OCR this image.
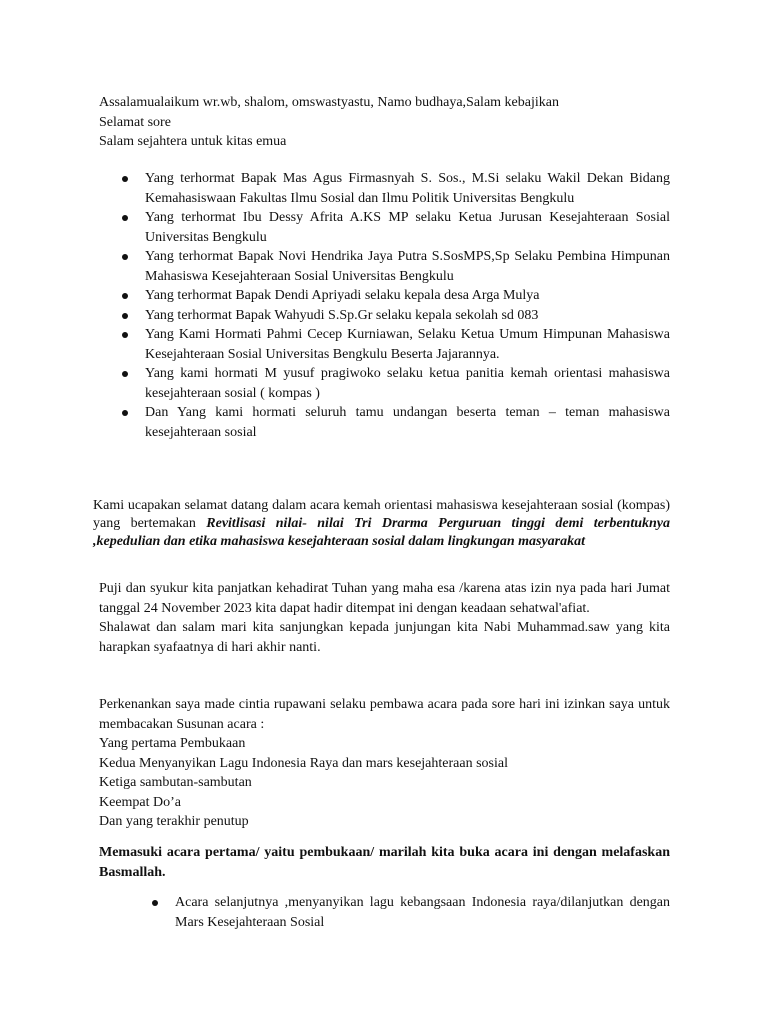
Assalamualaikum wr.wb, shalom, omswastyastu, Namo budhaya,Salam kebajikan
Selamat sore
Salam sejahtera untuk kitas emua
Yang terhormat Bapak Mas Agus Firmasnyah S. Sos., M.Si selaku Wakil Dekan Bidang Kemahasiswaan Fakultas Ilmu Sosial dan Ilmu Politik Universitas Bengkulu
Yang terhormat Ibu Dessy Afrita A.KS MP selaku Ketua Jurusan Kesejahteraan Sosial Universitas Bengkulu
Yang terhormat Bapak Novi Hendrika Jaya Putra S.SosMPS,Sp Selaku Pembina Himpunan Mahasiswa Kesejahteraan Sosial Universitas Bengkulu
Yang terhormat Bapak Dendi Apriyadi selaku kepala desa Arga Mulya
Yang terhormat Bapak Wahyudi S.Sp.Gr selaku kepala sekolah sd 083
Yang Kami Hormati Pahmi Cecep Kurniawan, Selaku Ketua Umum Himpunan Mahasiswa Kesejahteraan Sosial Universitas Bengkulu Beserta Jajarannya.
Yang kami hormati M yusuf pragiwoko selaku ketua panitia kemah orientasi mahasiswa kesejahteraan sosial ( kompas )
Dan Yang kami hormati seluruh tamu undangan beserta teman – teman mahasiswa kesejahteraan sosial
Kami ucapakan selamat datang dalam acara kemah orientasi mahasiswa kesejahteraan sosial (kompas) yang bertemakan Revitlisasi nilai- nilai Tri Drarma Perguruan tinggi demi terbentuknya ,kepedulian dan etika mahasiswa kesejahteraan sosial dalam lingkungan masyarakat
Puji dan syukur kita panjatkan kehadirat Tuhan yang maha esa /karena atas izin nya pada hari Jumat tanggal 24 November 2023 kita dapat hadir ditempat ini dengan keadaan sehatwal'afiat.
Shalawat dan salam mari kita sanjungkan kepada junjungan kita Nabi Muhammad.saw yang kita harapkan syafaatnya di hari akhir nanti.
Perkenankan saya made cintia rupawani selaku pembawa acara pada sore hari ini izinkan saya untuk membacakan Susunan acara :
Yang pertama Pembukaan
Kedua Menyanyikan Lagu Indonesia Raya dan mars kesejahteraan sosial
Ketiga sambutan-sambutan
Keempat Do’a
Dan yang terakhir penutup
Memasuki acara pertama/ yaitu pembukaan/ marilah kita buka acara ini dengan melafaskan Basmallah.
Acara selanjutnya ,menyanyikan lagu kebangsaan Indonesia raya/dilanjutkan dengan Mars Kesejahteraan Sosial
